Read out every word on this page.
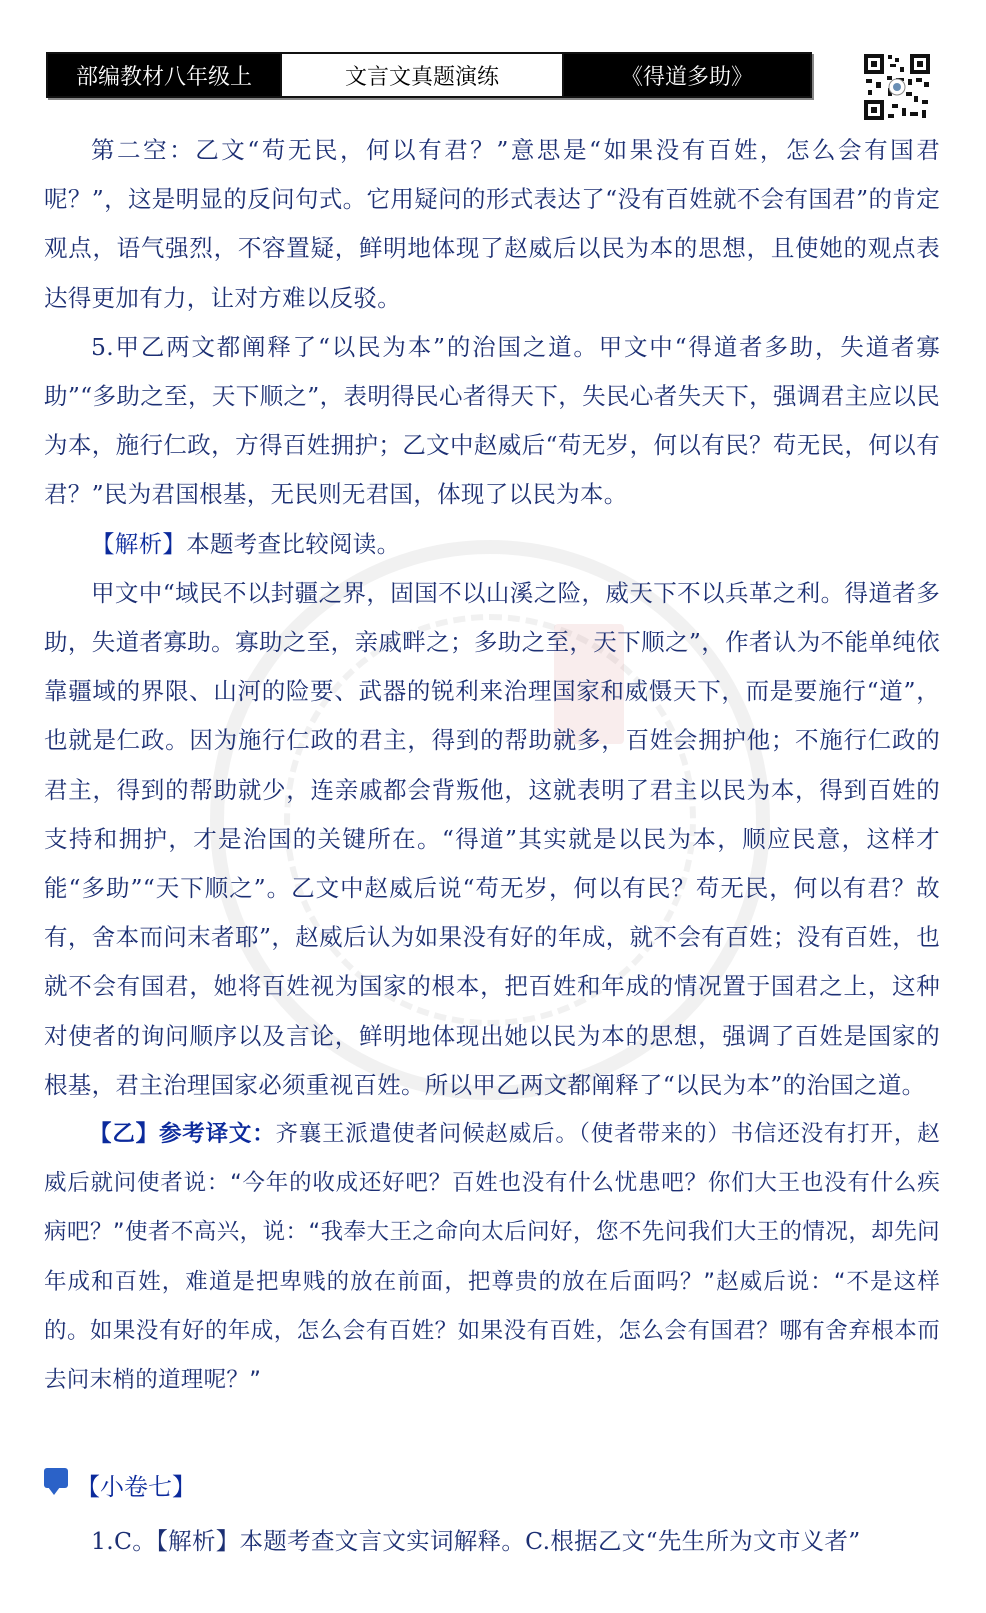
部编教材八年级上	文言文真题演练	《得道多助》

第二空：乙文“苟无民，何以有君？”意思是“如果没有百姓，怎么会有国君呢？”，这是明显的反问句式。它用疑问的形式表达了“没有百姓就不会有国君”的肯定观点，语气强烈，不容置疑，鲜明地体现了赵威后以民为本的思想，且使她的观点表达得更加有力，让对方难以反驳。

5.甲乙两文都阐释了“以民为本”的治国之道。甲文中“得道者多助，失道者寡助”“多助之至，天下顺之”，表明得民心者得天下，失民心者失天下，强调君主应以民为本，施行仁政，方得百姓拥护；乙文中赵威后“苟无岁，何以有民？苟无民，何以有君？”民为君国根基，无民则无君国，体现了以民为本。

【解析】本题考查比较阅读。

甲文中“域民不以封疆之界，固国不以山溪之险，威天下不以兵革之利。得道者多助，失道者寡助。寡助之至，亲戚畔之；多助之至，天下顺之”，作者认为不能单纯依靠疆域的界限、山河的险要、武器的锐利来治理国家和威慑天下，而是要施行“道”，也就是仁政。因为施行仁政的君主，得到的帮助就多，百姓会拥护他；不施行仁政的君主，得到的帮助就少，连亲戚都会背叛他，这就表明了君主以民为本，得到百姓的支持和拥护，才是治国的关键所在。“得道”其实就是以民为本，顺应民意，这样才能“多助”“天下顺之”。乙文中赵威后说“苟无岁，何以有民？苟无民，何以有君？故有，舍本而问末者耶”，赵威后认为如果没有好的年成，就不会有百姓；没有百姓，也就不会有国君，她将百姓视为国家的根本，把百姓和年成的情况置于国君之上，这种对使者的询问顺序以及言论，鲜明地体现出她以民为本的思想，强调了百姓是国家的根基，君主治理国家必须重视百姓。所以甲乙两文都阐释了“以民为本”的治国之道。

【乙】参考译文：齐襄王派遣使者问候赵威后。（使者带来的）书信还没有打开，赵威后就问使者说：“今年的收成还好吧？百姓也没有什么忧患吧？你们大王也没有什么疾病吧？”使者不高兴，说：“我奉大王之命向太后问好，您不先问我们大王的情况，却先问年成和百姓，难道是把卑贱的放在前面，把尊贵的放在后面吗？”赵威后说：“不是这样的。如果没有好的年成，怎么会有百姓？如果没有百姓，怎么会有国君？哪有舍弃根本而去问末梢的道理呢？”

【小卷七】
1.C。【解析】本题考查文言文实词解释。C.根据乙文“先生所为文市义者”
